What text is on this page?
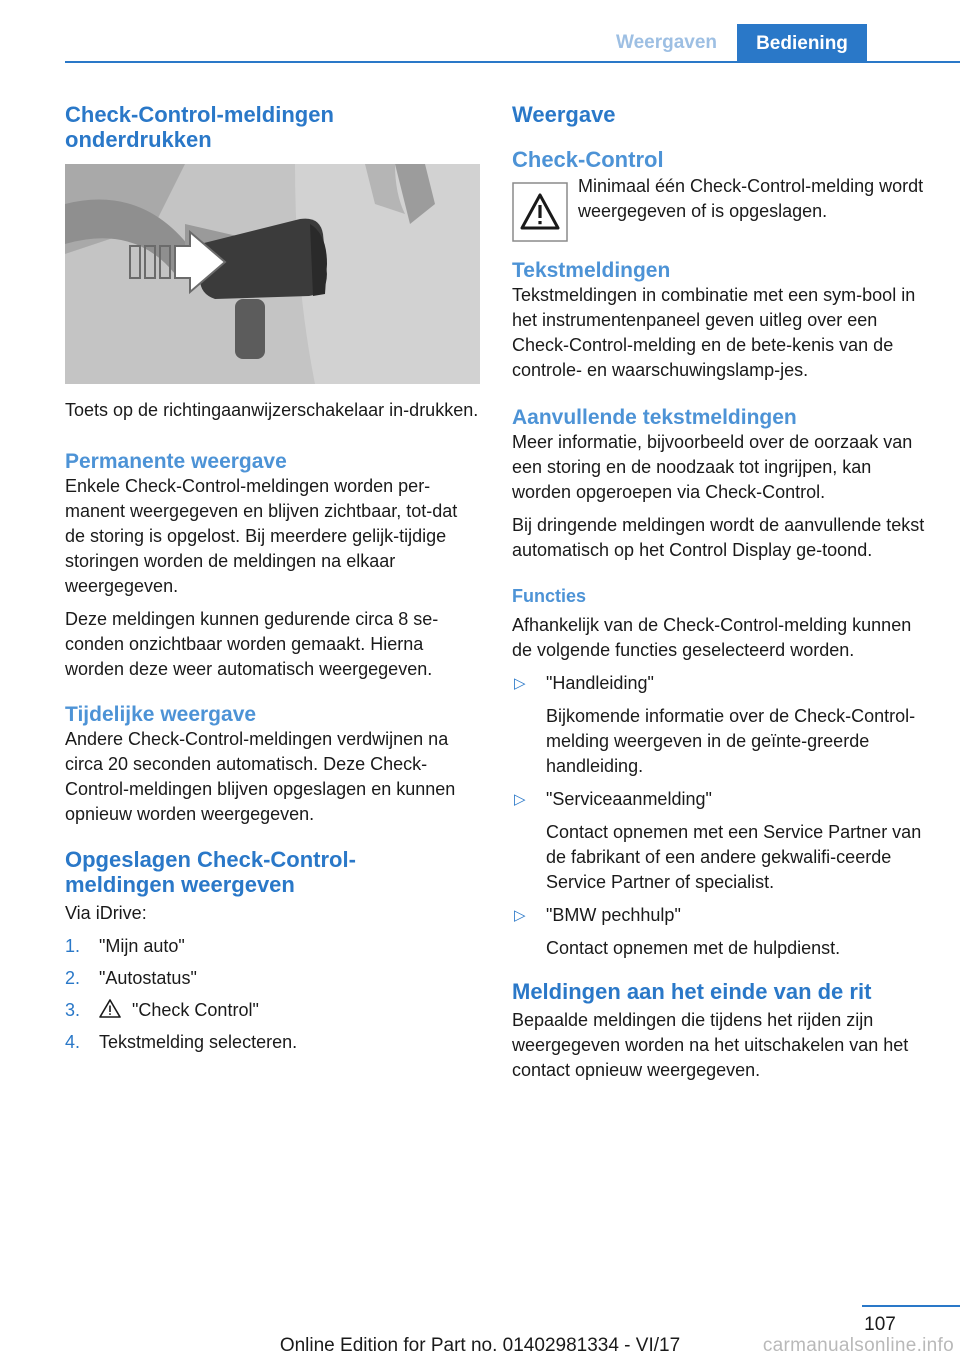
Weergaven	Bediening
Check-Control-meldingen onderdrukken

Toets op de richtingaanwijzerschakelaar in-drukken.

Permanente weergave

Enkele Check-Control-meldingen worden per-manent weergegeven en blijven zichtbaar, tot-dat de storing is opgelost. Bij meerdere gelijk-tijdige storingen worden de meldingen na elkaar weergegeven.

Deze meldingen kunnen gedurende circa 8 se-conden onzichtbaar worden gemaakt. Hierna worden deze weer automatisch weergegeven.

Tijdelijke weergave

Andere Check-Control-meldingen verdwijnen na circa 20 seconden automatisch. Deze Check-Control-meldingen blijven opgeslagen en kunnen opnieuw worden weergegeven.

Opgeslagen Check-Control-meldingen weergeven

Via iDrive:

1. "Mijn auto"
2. "Autostatus"
3.	"Check Control"
4. Tekstmelding selecteren.
Weergave
Check-Control
Minimaal één Check-Control-melding wordt weergegeven of is opgeslagen.
Tekstmeldingen

Tekstmeldingen in combinatie met een sym-bool in het instrumentenpaneel geven uitleg over een Check-Control-melding en de bete-kenis van de controle- en waarschuwingslamp-jes.

Aanvullende tekstmeldingen

Meer informatie, bijvoorbeeld over de oorzaak van een storing en de noodzaak tot ingrijpen, kan worden opgeroepen via Check-Control.

Bij dringende meldingen wordt de aanvullende tekst automatisch op het Control Display ge-toond.

Functies

Afhankelijk van de Check-Control-melding kunnen de volgende functies geselecteerd worden.

▷ "Handleiding"
Bijkomende informatie over de Check-Control-melding weergeven in de geïnte-greerde handleiding.
▷ "Serviceaanmelding"
Contact opnemen met een Service Partner van de fabrikant of een andere gekwalifi-ceerde Service Partner of specialist.
▷ "BMW pechhulp"
Contact opnemen met de hulpdienst.
Meldingen aan het einde van de rit

Bepaalde meldingen die tijdens het rijden zijn weergegeven worden na het uitschakelen van het contact opnieuw weergegeven.

107
Online Edition for Part no. 01402981334 - VI/17	carmanualsonline.info
